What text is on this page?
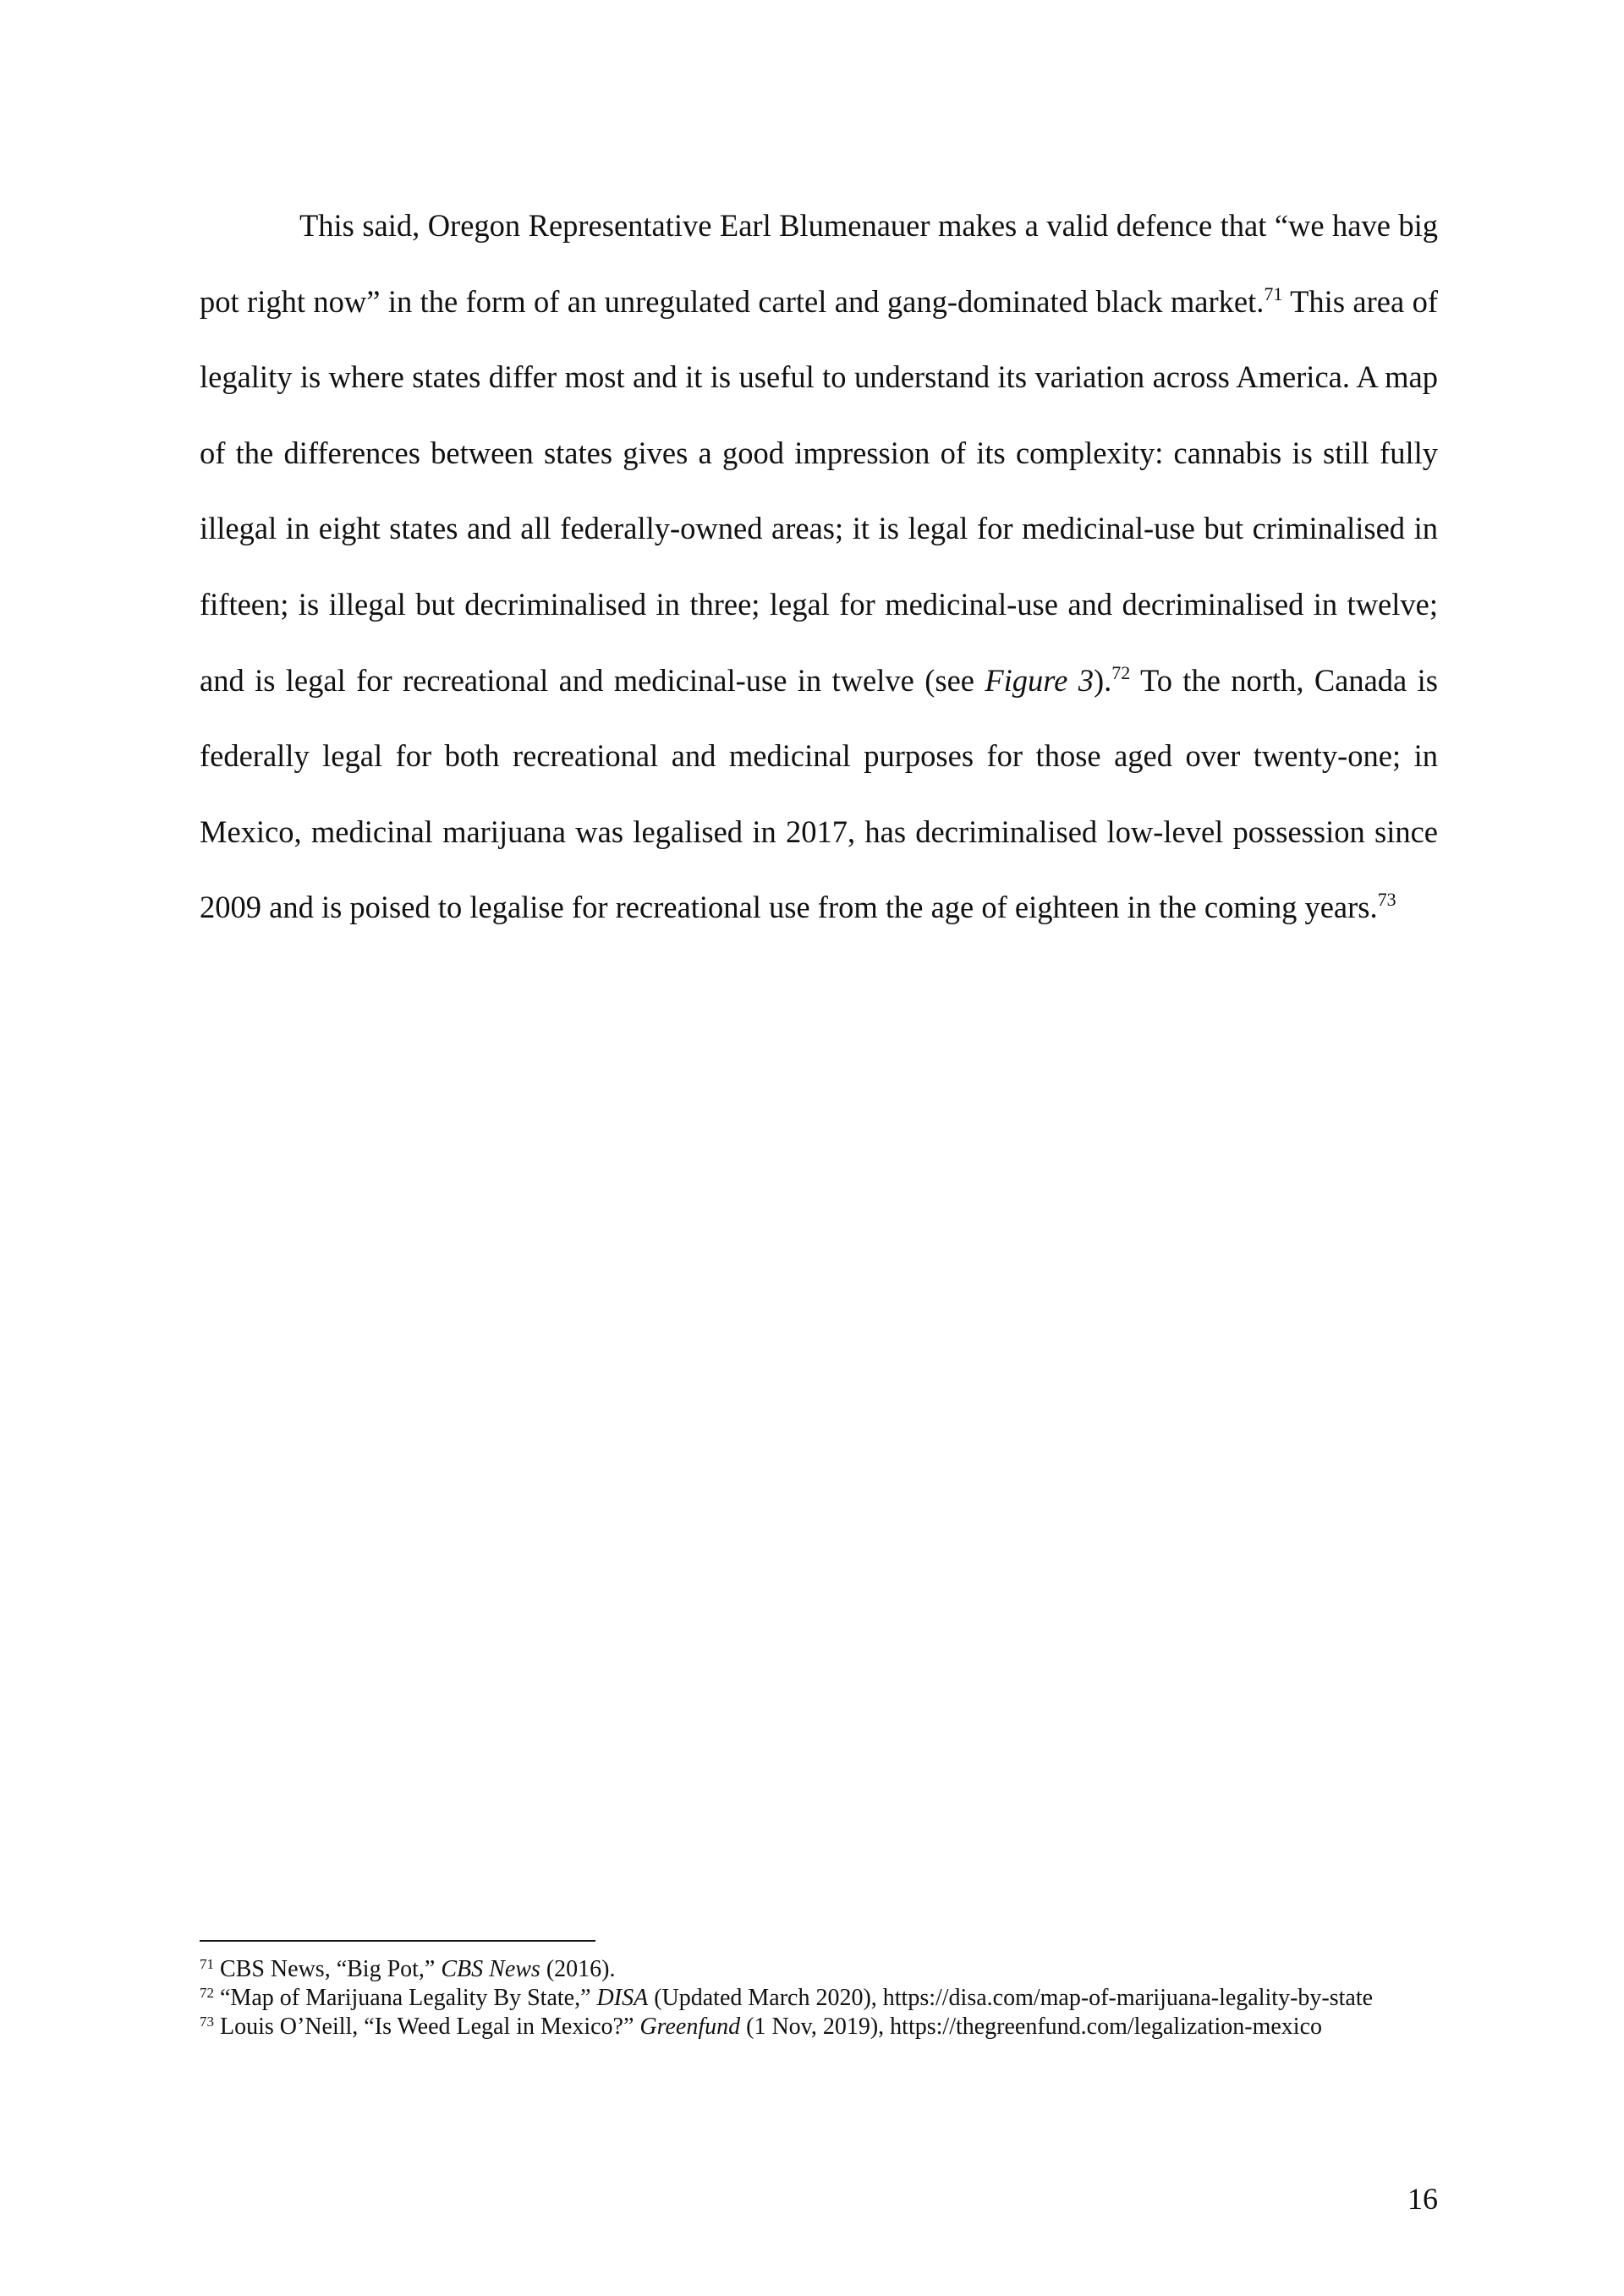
This said, Oregon Representative Earl Blumenauer makes a valid defence that “we have big pot right now” in the form of an unregulated cartel and gang-dominated black market.$^{71}$ This area of legality is where states differ most and it is useful to understand its variation across America. A map of the differences between states gives a good impression of its complexity: cannabis is still fully illegal in eight states and all federally-owned areas; it is legal for medicinal-use but criminalised in fifteen; is illegal but decriminalised in three; legal for medicinal-use and decriminalised in twelve; and is legal for recreational and medicinal-use in twelve (see Figure 3).$^{72}$ To the north, Canada is federally legal for both recreational and medicinal purposes for those aged over twenty-one; in Mexico, medicinal marijuana was legalised in 2017, has decriminalised low-level possession since 2009 and is poised to legalise for recreational use from the age of eighteen in the coming years.$^{73}$

$^{71}$ CBS News, “Big Pot,” CBS News (2016).
$^{72}$ “Map of Marijuana Legality By State,” DISA (Updated March 2020), https://disa.com/map-of-marijuana-legality-by-state
$^{73}$ Louis O’Neill, “Is Weed Legal in Mexico?” Greenfund (1 Nov, 2019), https://thegreenfund.com/legalization-mexico
16
